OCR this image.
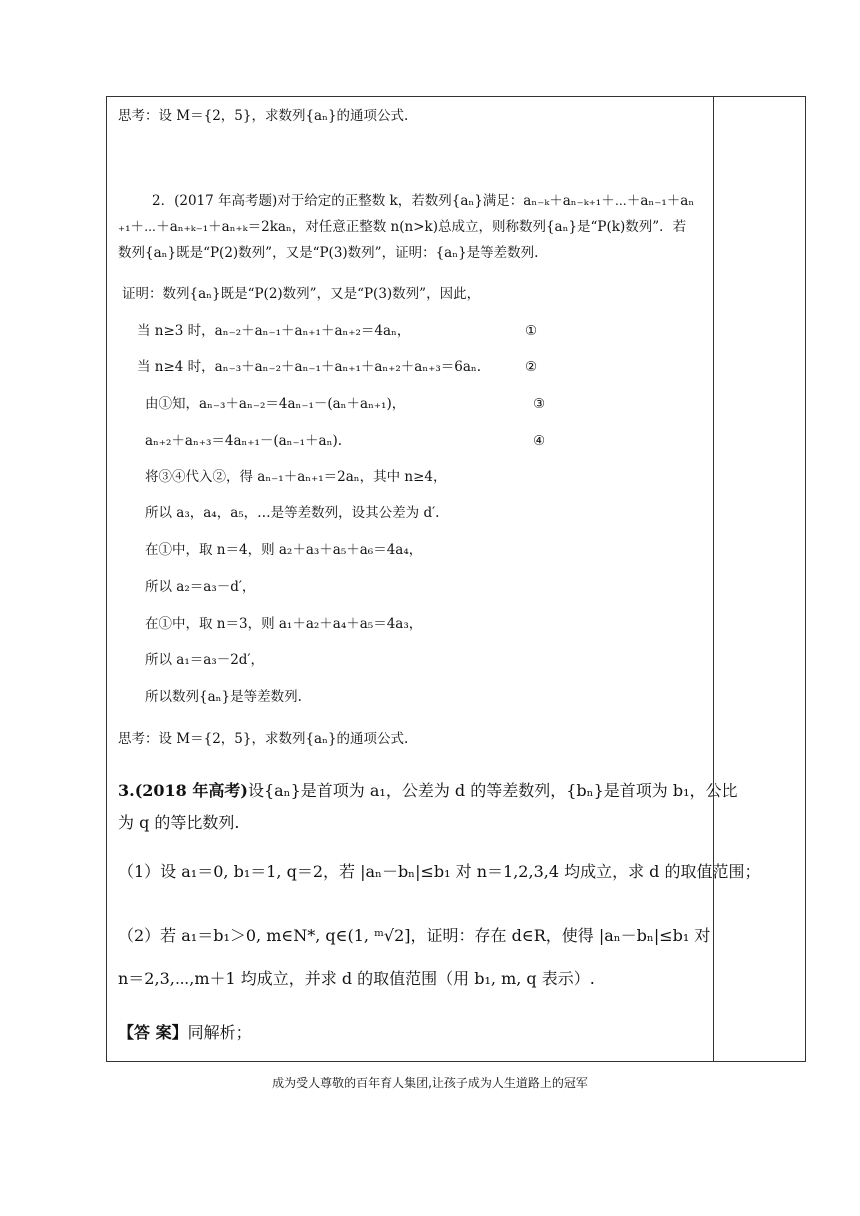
思考：设 M＝{2，5}，求数列{aₙ}的通项公式.
2．(2017 年高考题)对于给定的正整数 k，若数列{aₙ}满足：aₙ₋ₖ＋aₙ₋ₖ₊₁＋⋯＋aₙ₋₁＋aₙ
₊₁＋⋯＋aₙ₊ₖ₋₁＋aₙ₊ₖ＝2kaₙ，对任意正整数 n(n>k)总成立，则称数列{aₙ}是“P(k)数列”．若
数列{aₙ}既是“P(2)数列”，又是“P(3)数列”，证明：{aₙ}是等差数列.
证明：数列{aₙ}既是“P(2)数列”，又是“P(3)数列”，因此，
当 n≥3 时，aₙ₋₂＋aₙ₋₁＋aₙ₊₁＋aₙ₊₂＝4aₙ，	①
当 n≥4 时，aₙ₋₃＋aₙ₋₂＋aₙ₋₁＋aₙ₊₁＋aₙ₊₂＋aₙ₊₃＝6aₙ.	②
由①知，aₙ₋₃＋aₙ₋₂＝4aₙ₋₁－(aₙ＋aₙ₊₁)，	③
aₙ₊₂＋aₙ₊₃＝4aₙ₊₁－(aₙ₋₁＋aₙ).	④
将③④代入②，得 aₙ₋₁＋aₙ₊₁＝2aₙ，其中 n≥4，
所以 a₃，a₄，a₅，…是等差数列，设其公差为 d′.
在①中，取 n＝4，则 a₂＋a₃＋a₅＋a₆＝4a₄，
所以 a₂＝a₃－d′，
在①中，取 n＝3，则 a₁＋a₂＋a₄＋a₅＝4a₃，
所以 a₁＝a₃－2d′，
所以数列{aₙ}是等差数列.
思考：设 M＝{2，5}，求数列{aₙ}的通项公式.
3.(2018 年高考)设{aₙ}是首项为 a₁，公差为 d 的等差数列，{bₙ}是首项为 b₁，公比
为 q 的等比数列.
（1）设 a₁＝0, b₁＝1, q＝2，若 |aₙ－bₙ|≤b₁ 对 n＝1,2,3,4 均成立，求 d 的取值范围；
（2）若 a₁＝b₁＞0, m∈N*, q∈(1, ᵐ√2]，证明：存在 d∈R，使得 |aₙ－bₙ|≤b₁ 对
n＝2,3,⋯,m＋1 均成立，并求 d 的取值范围（用 b₁, m, q 表示）.
【答 案】同解析；
成为受人尊敬的百年育人集团,让孩子成为人生道路上的冠军
